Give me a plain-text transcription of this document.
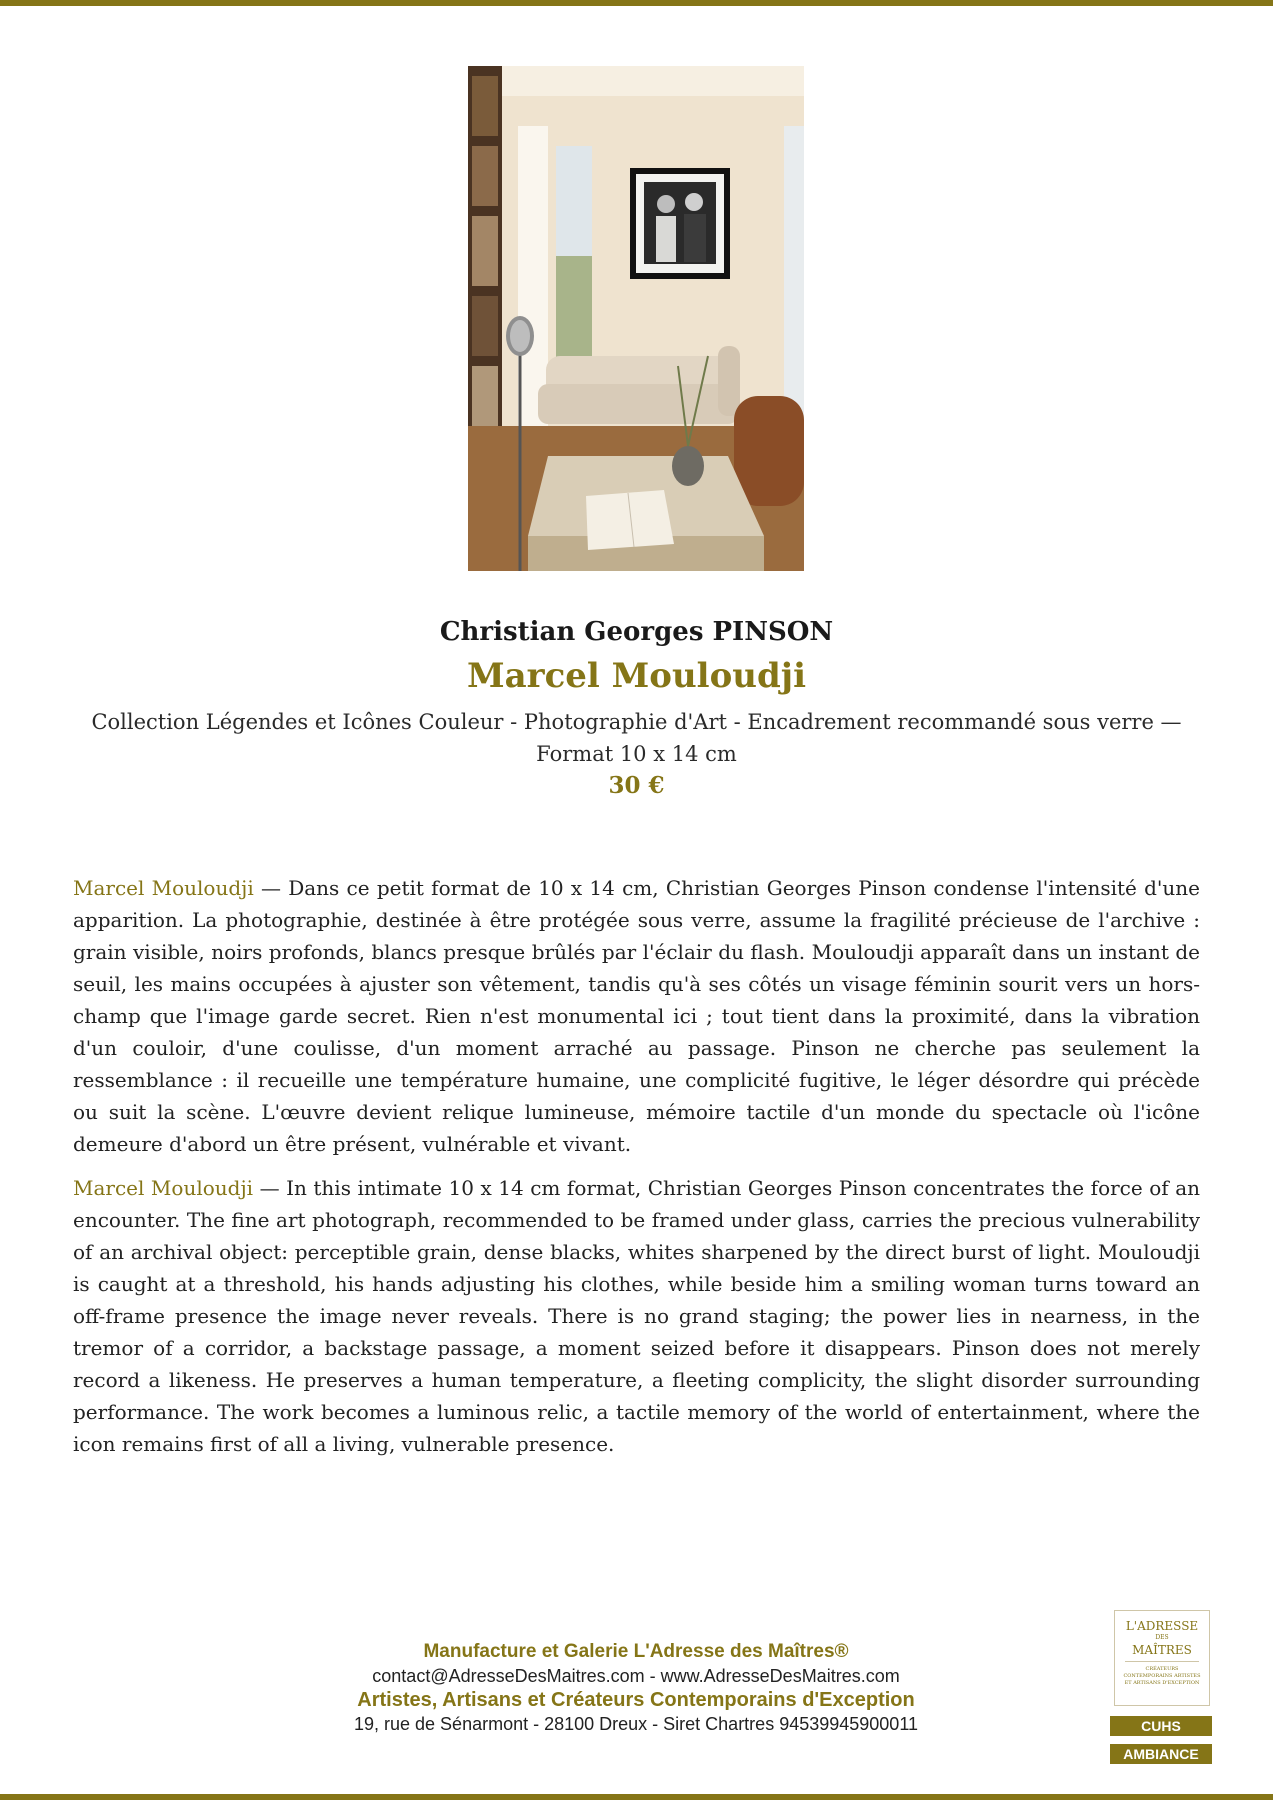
Christian Georges PINSON
Marcel Mouloudji
Collection Légendes et Icônes Couleur - Photographie d'Art - Encadrement recommandé sous verre — Format 10 x 14 cm
30 €

Marcel Mouloudji — Dans ce petit format de 10 x 14 cm, Christian Georges Pinson condense l'intensité d'une apparition. La photographie, destinée à être protégée sous verre, assume la fragilité précieuse de l'archive : grain visible, noirs profonds, blancs presque brûlés par l'éclair du flash. Mouloudji apparaît dans un instant de seuil, les mains occupées à ajuster son vêtement, tandis qu'à ses côtés un visage féminin sourit vers un hors-champ que l'image garde secret. Rien n'est monumental ici ; tout tient dans la proximité, dans la vibration d'un couloir, d'une coulisse, d'un moment arraché au passage. Pinson ne cherche pas seulement la ressemblance : il recueille une température humaine, une complicité fugitive, le léger désordre qui précède ou suit la scène. L'œuvre devient relique lumineuse, mémoire tactile d'un monde du spectacle où l'icône demeure d'abord un être présent, vulnérable et vivant.

Marcel Mouloudji — In this intimate 10 x 14 cm format, Christian Georges Pinson concentrates the force of an encounter. The fine art photograph, recommended to be framed under glass, carries the precious vulnerability of an archival object: perceptible grain, dense blacks, whites sharpened by the direct burst of light. Mouloudji is caught at a threshold, his hands adjusting his clothes, while beside him a smiling woman turns toward an off-frame presence the image never reveals. There is no grand staging; the power lies in nearness, in the tremor of a corridor, a backstage passage, a moment seized before it disappears. Pinson does not merely record a likeness. He preserves a human temperature, a fleeting complicity, the slight disorder surrounding performance. The work becomes a luminous relic, a tactile memory of the world of entertainment, where the icon remains first of all a living, vulnerable presence.

Manufacture et Galerie L'Adresse des Maîtres®
contact@AdresseDesMaitres.com - www.AdresseDesMaitres.com
Artistes, Artisans et Créateurs Contemporains d'Exception
19, rue de Sénarmont - 28100 Dreux - Siret Chartres 94539945900011
L'ADRESSE
DES
MAÎTRES
CRÉATEURS CONTEMPORAINS ARTISTES ET ARTISANS D'EXCEPTION
CUHS
AMBIANCE
